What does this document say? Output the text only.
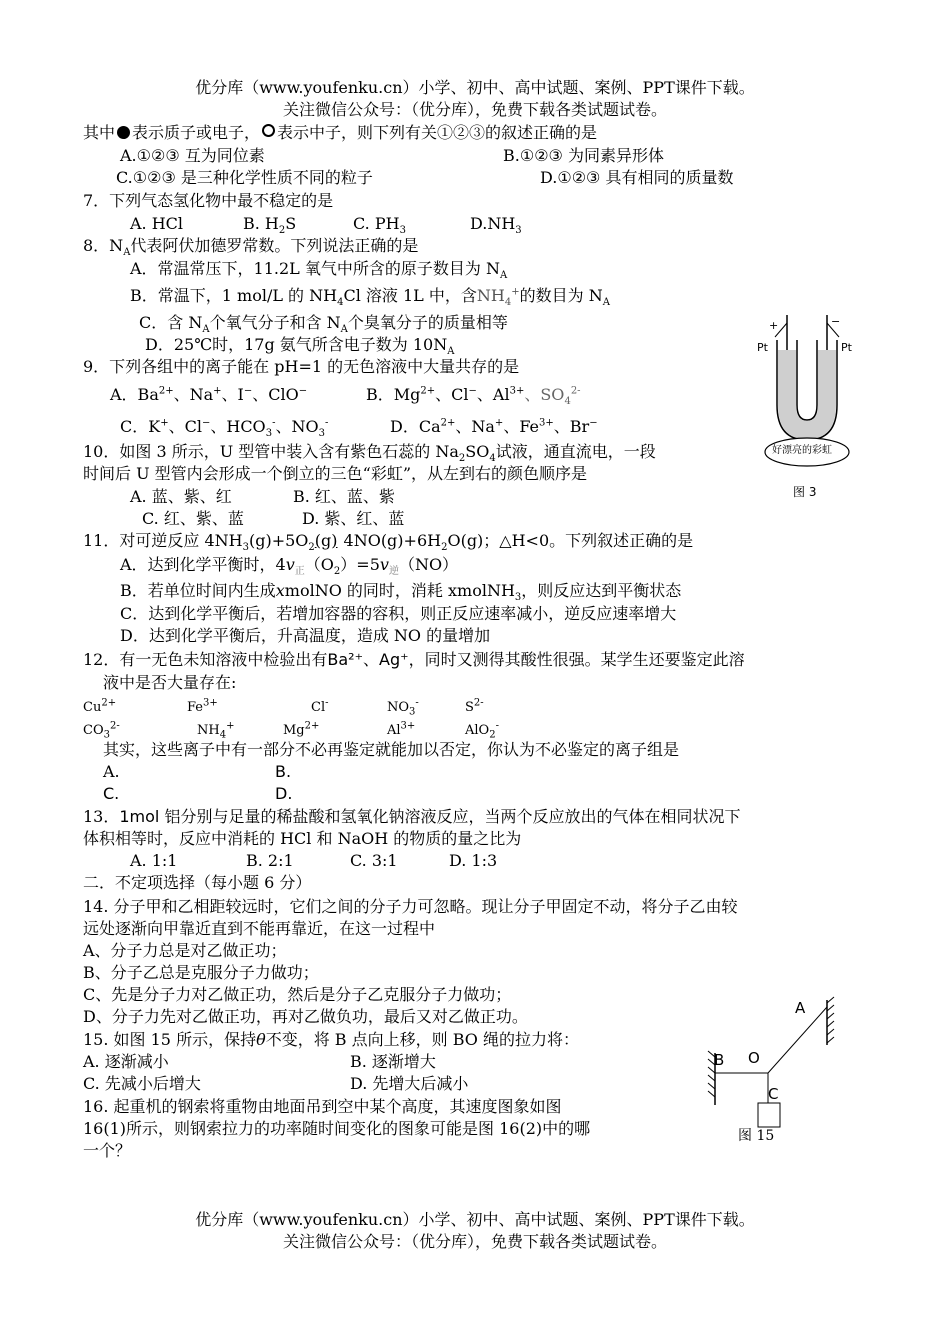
优分库（www.youfenku.cn）小学、初中、高中试题、案例、PPT课件下载。
关注微信公众号：（优分库），免费下载各类试题试卷。
其中 表示质子或电子， 表示中子，则下列有关①②③的叙述正确的是
A.①②③ 互为同位素	B.①②③ 为同素异形体
C.①②③ 是三种化学性质不同的粒子	D.①②③ 具有相同的质量数
7．下列气态氢化物中最不稳定的是
A. HCl	B. $H_2S$	C. $PH_3$	$D.NH_3$
8．$N_A$代表阿伏加德罗常数。下列说法正确的是
A．常温常压下，11.2L 氧气中所含的原子数目为 $N_A$
B．常温下，1 mol/L 的 $NH_4Cl$ 溶液 1L 中，含$NH_4^+$的数目为 $N_A$
C．含 $N_A$个氧气分子和含 $N_A$个臭氧分子的质量相等
D．25℃时，17g 氨气所含电子数为 $10N_A$
9．下列各组中的离子能在 pH=1 的无色溶液中大量共存的是
A．$Ba^{2+}$、Na+、I−、ClO−	B．$Mg^{2+}$、Cl−、$Al^{3+}$、$SO_4^{2-}$
C．K+、Cl−、$HCO_3^-$、$NO_3^-$	D．$Ca^{2+}$、Na+、$Fe^{3+}$、Br−
Pt	Pt
+	−
好漂亮的彩虹
图 3
10．如图 3 所示，U 型管中装入含有紫色石蕊的 $Na_2SO_4$试液，通直流电，一段
时间后 U 型管内会形成一个倒立的三色“彩虹”，从左到右的颜色顺序是
A. 蓝、紫、红	B. 红、蓝、紫
C. 红、紫、蓝	D. 紫、红、蓝
11．对可逆反应 $4NH_3(g)+5O_2(g)$ $4NO(g)+6H_2O(g)$；△H<0。下列叙述正确的是
A．达到化学平衡时，$4v_正(O_2)=5v_逆(NO)$
B．若单位时间内生成xmolNO 的同时，消耗 xmolNH$_3$，则反应达到平衡状态
C．达到化学平衡后，若增加容器的容积，则正反应速率减小，逆反应速率增大
D．达到化学平衡后，升高温度，造成 NO 的量增加
12．有一无色未知溶液中检验出有Ba²⁺、Ag⁺，同时又测得其酸性很强。某学生还要鉴定此溶
液中是否大量存在:
$Cu^{2+}$	$Fe^{3+}$	Cl-	$NO_3^-$	$S^{2-}$
$CO_3^{2-}$	$NH_4^+$	$Mg^{2+}$	$Al^{3+}$	AlO$_2$-
其实，这些离子中有一部分不必再鉴定就能加以否定，你认为不必鉴定的离子组是
A.	B.
C.	D.
13．1mol 铝分别与足量的稀盐酸和氢氧化钠溶液反应，当两个反应放出的气体在相同状况下
体积相等时，反应中消耗的 HCl 和 NaOH 的物质的量之比为
A. 1:1	B. 2:1	C. 3:1	D. 1:3
二．不定项选择（每小题 6 分）
14. 分子甲和乙相距较远时，它们之间的分子力可忽略。现让分子甲固定不动，将分子乙由较
远处逐渐向甲靠近直到不能再靠近，在这一过程中
A、分子力总是对乙做正功；
B、分子乙总是克服分子力做功；
C、先是分子力对乙做正功，然后是分子乙克服分子力做功；
D、分子力先对乙做正功，再对乙做负功，最后又对乙做正功。
15. 如图 15 所示，保持θ不变，将 B 点向上移，则 BO 绳的拉力将：
A. 逐渐减小	B. 逐渐增大
C. 先减小后增大	D. 先增大后减小
A
B O
C
图 15
16. 起重机的钢索将重物由地面吊到空中某个高度，其速度图象如图
16(1)所示，则钢索拉力的功率随时间变化的图象可能是图 16(2)中的哪
一个？
优分库（www.youfenku.cn）小学、初中、高中试题、案例、PPT课件下载。
关注微信公众号：（优分库），免费下载各类试题试卷。
